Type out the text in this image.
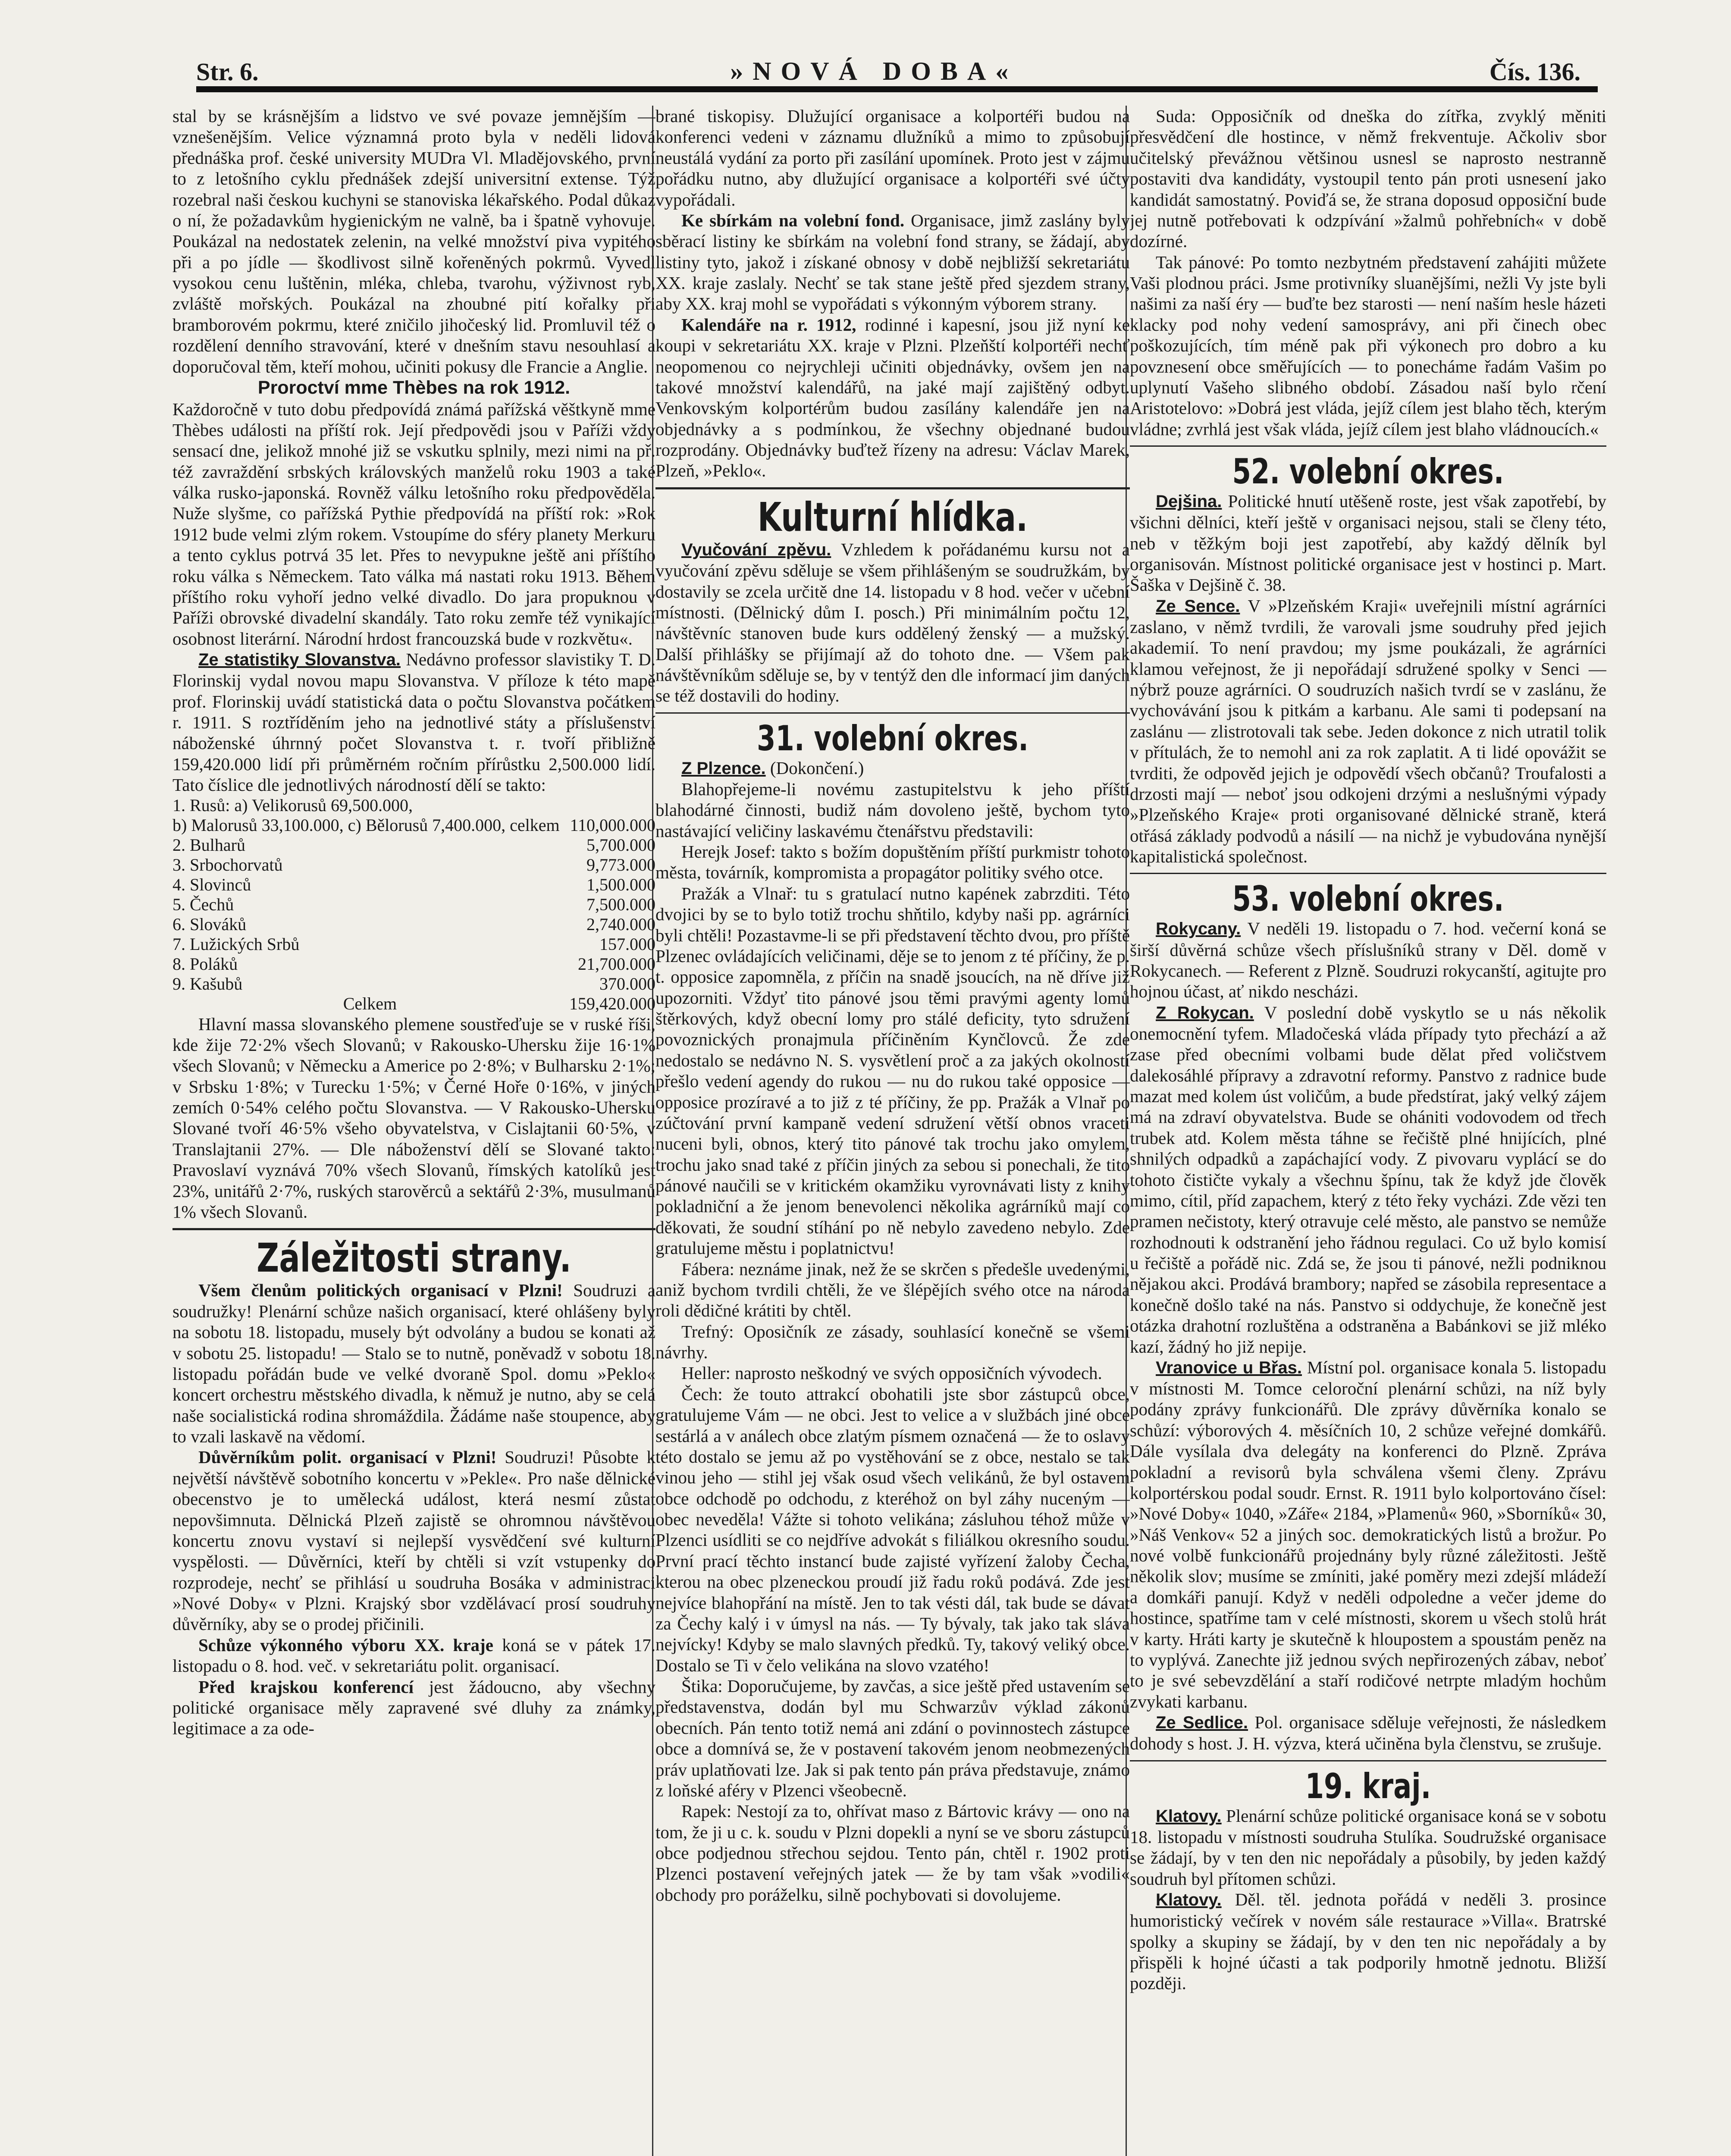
Str. 6.	»NOVÁ DOBA«	Čís. 136.

stal by se krásnějším a lidstvo ve své povaze jemnějším — vznešenějším. Velice významná proto byla v neděli lidová přednáška prof. české university MUDra Vl. Mladějovského, první to z letošního cyklu přednášek zdejší universitní extense. Týž rozebral naši českou kuchyni se stanoviska lékařského. Podal důkaz o ní, že požadavkům hygienickým ne valně, ba i špatně vyhovuje. Poukázal na nedostatek zelenin, na velké množství piva vypitého při a po jídle — škodlivost silně kořeněných pokrmů. Vyvedl vysokou cenu luštěnin, mléka, chleba, tvarohu, výživnost ryb, zvláště mořských. Poukázal na zhoubné pití kořalky při bramborovém pokrmu, které zničilo jihočeský lid. Promluvil též o rozdělení denního stravování, které v dnešním stavu nesouhlasí a doporučoval těm, kteří mohou, učiniti pokusy dle Francie a Anglie.

Proroctví mme Thèbes na rok 1912.

Každoročně v tuto dobu předpovídá známá pařížská věštkyně mme Thèbes události na příští rok. Její předpovědi jsou v Paříži vždy sensací dne, jelikož mnohé již se vskutku splnily, mezi nimi na př. též zavraždění srbských královských manželů roku 1903 a také válka rusko-japonská. Rovněž válku letošního roku předpověděla. Nuže slyšme, co pařížská Pythie předpovídá na příští rok: »Rok 1912 bude velmi zlým rokem. Vstoupíme do sféry planety Merkuru a tento cyklus potrvá 35 let. Přes to nevypukne ještě ani příštího roku válka s Německem. Tato válka má nastati roku 1913. Během příštího roku vyhoří jedno velké divadlo. Do jara propuknou v Paříži obrovské divadelní skandály. Tato roku zemře též vynikající osobnost literární. Národní hrdost francouzská bude v rozkvětu«.

Ze statistiky Slovanstva. Nedávno professor slavistiky T. D. Florinskij vydal novou mapu Slovanstva. V příloze k této mapě prof. Florinskij uvádí statistická data o počtu Slovanstva počátkem r. 1911. S roztříděním jeho na jednotlivé státy a příslušenství náboženské úhrnný počet Slovanstva t. r. tvoří přibližně 159,420.000 lidí při průměrném ročním přírůstku 2,500.000 lidí. Tato číslice dle jednotlivých národností dělí se takto:

1. Rusů: a) Velikorusů 69,500.000,	
b) Malorusů 33,100.000, c) Bělorusů 7,400.000, celkem	110,000.000
2. Bulharů	5,700.000
3. Srbochorvatů	9,773.000
4. Slovinců	1,500.000
5. Čechů	7,500.000
6. Slováků	2,740.000
7. Lužických Srbů	157.000
8. Poláků	21,700.000
9. Kašubů	370.000
Celkem	159,420.000

Hlavní massa slovanského plemene soustřeďuje se v ruské říši, kde žije 72·2% všech Slovanů; v Rakousko-Uhersku žije 16·1% všech Slovanů; v Německu a Americe po 2·8%; v Bulharsku 2·1%; v Srbsku 1·8%; v Turecku 1·5%; v Černé Hoře 0·16%, v jiných zemích 0·54% celého počtu Slovanstva. — V Rakousko-Uhersku Slované tvoří 46·5% všeho obyvatelstva, v Cislajtanii 60·5%, v Translajtanii 27%. — Dle náboženství dělí se Slované takto: Pravoslaví vyznává 70% všech Slovanů, římských katolíků jest 23%, unitářů 2·7%, ruských starověrců a sektářů 2·3%, musulmanů 1% všech Slovanů.

Záležitosti strany.

Všem členům politických organisací v Plzni! Soudruzi a soudružky! Plenární schůze našich organisací, které ohlášeny byly na sobotu 18. listopadu, musely být odvolány a budou se konati až v sobotu 25. listopadu! — Stalo se to nutně, poněvadž v sobotu 18. listopadu pořádán bude ve velké dvoraně Spol. domu »Peklo« koncert orchestru městského divadla, k němuž je nutno, aby se celá naše socialistická rodina shromáždila. Žádáme naše stoupence, aby to vzali laskavě na vědomí.

Důvěrníkům polit. organisací v Plzni! Soudruzi! Působte k největší návštěvě sobotního koncertu v »Pekle«. Pro naše dělnické obecenstvo je to umělecká událost, která nesmí zůstat nepovšimnuta. Dělnická Plzeň zajistě se ohromnou návštěvou koncertu znovu vystaví si nejlepší vysvědčení své kulturní vyspělosti. — Důvěrníci, kteří by chtěli si vzít vstupenky do rozprodeje, nechť se přihlásí u soudruha Bosáka v administraci »Nové Doby« v Plzni. Krajský sbor vzdělávací prosí soudruhy důvěrníky, aby se o prodej přičinili.

Schůze výkonného výboru XX. kraje koná se v pátek 17. listopadu o 8. hod. več. v sekretariátu polit. organisací.

Před krajskou konferencí jest žádoucno, aby všechny politické organisace měly zapravené své dluhy za známky, legitimace a za ode-

brané tiskopisy. Dlužující organisace a kolportéři budou na konferenci vedeni v záznamu dlužníků a mimo to způsobují neustálá vydání za porto při zasílání upomínek. Proto jest v zájmu pořádku nutno, aby dlužující organisace a kolportéři své účty vypořádali.

Ke sbírkám na volební fond. Organisace, jimž zaslány byly sběrací listiny ke sbírkám na volební fond strany, se žádají, aby listiny tyto, jakož i získané obnosy v době nejbližší sekretariátu XX. kraje zaslaly. Nechť se tak stane ještě před sjezdem strany, aby XX. kraj mohl se vypořádati s výkonným výborem strany.

Kalendáře na r. 1912, rodinné i kapesní, jsou již nyní ke koupi v sekretariátu XX. kraje v Plzni. Plzeňští kolportéři nechť neopomenou co nejrychleji učiniti objednávky, ovšem jen na takové množství kalendářů, na jaké mají zajištěný odbyt. Venkovským kolportérům budou zasílány kalendáře jen na objednávky a s podmínkou, že všechny objednané budou rozprodány. Objednávky buďtež řízeny na adresu: Václav Marek, Plzeň, »Peklo«.

Kulturní hlídka.

Vyučování zpěvu. Vzhledem k pořádanému kursu not a vyučování zpěvu sděluje se všem přihlášeným se soudružkám, by dostavily se zcela určitě dne 14. listopadu v 8 hod. večer v učební místnosti. (Dělnický dům I. posch.) Při minimálním počtu 12, návštěvníc stanoven bude kurs oddělený ženský — a mužský. Další přihlášky se přijímají až do tohoto dne. — Všem pak návštěvníkům sděluje se, by v tentýž den dle informací jim daných se též dostavili do hodiny.

31. volební okres.

Z Plzence. (Dokončení.)

Blahopřejeme-li novému zastupitelstvu k jeho příští blahodárné činnosti, budiž nám dovoleno ještě, bychom tyto nastávající veličiny laskavému čtenářstvu představili:

Herejk Josef: takto s božím dopuštěním příští purkmistr tohoto města, továrník, kompromista a propagátor politiky svého otce.

Pražák a Vlnař: tu s gratulací nutno kapének zabrzditi. Této dvojici by se to bylo totiž trochu shňtilo, kdyby naši pp. agrárníci byli chtěli! Pozastavme-li se při představení těchto dvou, pro příště Plzenec ovládajících veličinami, děje se to jenom z té příčiny, že p. t. opposice zapomněla, z příčin na snadě jsoucích, na ně dříve již upozorniti. Vždyť tito pánové jsou těmi pravými agenty lomů štěrkových, když obecní lomy pro stálé deficity, tyto sdružení povoznických pronajmula příčiněním Kynčlovců. Že zde nedostalo se nedávno N. S. vysvětlení proč a za jakých okolností přešlo vedení agendy do rukou — nu do rukou také opposice — opposice prozíravé a to již z té příčiny, že pp. Pražák a Vlnař po zúčtování první kampaně vedení sdružení větší obnos vraceti nuceni byli, obnos, který tito pánové tak trochu jako omylem, trochu jako snad také z příčin jiných za sebou si ponechali, že tito pánové naučili se v kritickém okamžiku vyrovnávati listy z knihy pokladniční a že jenom benevolenci několika agrárníků mají co děkovati, že soudní stíhání po ně nebylo zavedeno nebylo. Zde gratulujeme městu i poplatnictvu!

Fábera: neznáme jinak, než že se skrčen s předešle uvedenými, aniž bychom tvrdili chtěli, že ve šlépějích svého otce na národa roli dědičné krátiti by chtěl.

Trefný: Oposičník ze zásady, souhlasící konečně se všemi návrhy.

Heller: naprosto neškodný ve svých opposičních vývodech.

Čech: že touto attrakcí obohatili jste sbor zástupců obce, gratulujeme Vám — ne obci. Jest to velice a v službách jiné obce sestárlá a v análech obce zlatým písmem označená — že to oslavy této dostalo se jemu až po vystěhování se z obce, nestalo se tak vinou jeho — stihl jej však osud všech velikánů, že byl ostavem obce odchodě po odchodu, z kteréhož on byl záhy nuceným — obec neveděla! Vážte si tohoto velikána; zásluhou téhož může v Plzenci usídliti se co nejdříve advokát s filiálkou okresního soudu. První prací těchto instancí bude zajisté vyřízení žaloby Čecha, kterou na obec plzeneckou proudí již řadu roků podává. Zde jest nejvíce blahopřání na místě. Jen to tak vésti dál, tak bude se dávat za Čechy kalý i v úmysl na nás. — Ty bývaly, tak jako tak sláva nejvícky! Kdyby se malo slavných předků. Ty, takový veliký obce. Dostalo se Ti v čelo velikána na slovo vzatého!

Štika: Doporučujeme, by zavčas, a sice ještě před ustavením se představenstva, dodán byl mu Schwarzův výklad zákonů obecních. Pán tento totiž nemá ani zdání o povinnostech zástupce obce a domnívá se, že v postavení takovém jenom neobmezených práv uplatňovati lze. Jak si pak tento pán práva představuje, známo z loňské aféry v Plzenci všeobecně.

Rapek: Nestojí za to, ohřívat maso z Bártovic krávy — ono na tom, že ji u c. k. soudu v Plzni dopekli a nyní se ve sboru zástupců obce podjednou střechou sejdou. Tento pán, chtěl r. 1902 proti Plzenci postavení veřejných jatek — že by tam však »vodili« obchody pro poráželku, silně pochybovati si dovolujeme.

Suda: Opposičník od dneška do zítřka, zvyklý měniti přesvědčení dle hostince, v němž frekventuje. Ačkoliv sbor učitelský převážnou většinou usnesl se naprosto nestranně postaviti dva kandidáty, vystoupil tento pán proti usnesení jako kandidát samostatný. Poviďá se, že strana doposud opposiční bude jej nutně potřebovati k odzpívání »žalmů pohřebních« v době dozírné.

Tak pánové: Po tomto nezbytném představení zahájiti můžete Vaši plodnou práci. Jsme protivníky sluanějšími, nežli Vy jste byli našimi za naší éry — buďte bez starosti — není naším hesle házeti klacky pod nohy vedení samosprávy, ani při činech obec poškozujících, tím méně pak při výkonech pro dobro a ku povznesení obce směřujících — to ponecháme řadám Vašim po uplynutí Vašeho slibného období. Zásadou naší bylo rčení Aristotelovo: »Dobrá jest vláda, jejíž cílem jest blaho těch, kterým vládne; zvrhlá jest však vláda, jejíž cílem jest blaho vládnoucích.«

52. volební okres.

Dejšina. Politické hnutí utěšeně roste, jest však zapotřebí, by všichni dělníci, kteří ještě v organisaci nejsou, stali se členy této, neb v těžkým boji jest zapotřebí, aby každý dělník byl organisován. Místnost politické organisace jest v hostinci p. Mart. Šaška v Dejšině č. 38.

Ze Sence. V »Plzeňském Kraji« uveřejnili místní agrárníci zaslano, v němž tvrdili, že varovali jsme soudruhy před jejich akademií. To není pravdou; my jsme poukázali, že agrárníci klamou veřejnost, že ji nepořádají sdružené spolky v Senci — nýbrž pouze agrárníci. O soudruzích našich tvrdí se v zaslánu, že vychovávání jsou k pitkám a karbanu. Ale sami ti podepsaní na zaslánu — zlistrotovali tak sebe. Jeden dokonce z nich utratil tolik v přítulách, že to nemohl ani za rok zaplatit. A ti lidé opovážit se tvrditi, že odpověd jejich je odpovědí všech občanů? Troufalosti a drzosti mají — neboť jsou odkojeni drzými a neslušnými výpady »Plzeňského Kraje« proti organisované dělnické straně, která otřásá základy podvodů a násilí — na nichž je vybudována nynější kapitalistická společnost.

53. volební okres.

Rokycany. V neděli 19. listopadu o 7. hod. večerní koná se širší důvěrná schůze všech příslušníků strany v Děl. domě v Rokycanech. — Referent z Plzně. Soudruzi rokycanští, agitujte pro hojnou účast, ať nikdo nescházi.

Z Rokycan. V poslední době vyskytlo se u nás několik onemocnění tyfem. Mladočeská vláda případy tyto přechází a až zase před obecními volbami bude dělat před voličstvem dalekosáhlé přípravy a zdravotní reformy. Panstvo z radnice bude mazat med kolem úst voličům, a bude předstírat, jaký velký zájem má na zdraví obyvatelstva. Bude se ohániti vodovodem od třech trubek atd. Kolem města táhne se řečiště plné hnijících, plné shnilých odpadků a zapáchající vody. Z pivovaru vyplácí se do tohoto čističte vykaly a všechnu špínu, tak že když jde člověk mimo, cítil, příd zapachem, který z této řeky vycházi. Zde vězi ten pramen nečistoty, který otravuje celé město, ale panstvo se nemůže rozhodnouti k odstranění jeho řádnou regulaci. Co už bylo komisí u řečiště a pořádě nic. Zdá se, že jsou ti pánové, nežli podniknou nějakou akci. Prodává brambory; napřed se zásobila representace a konečně došlo také na nás. Panstvo si oddychuje, že konečně jest otázka drahotní rozluštěna a odstraněna a Babánkovi se již mléko kazí, žádný ho již nepije.

Vranovice u Břas. Místní pol. organisace konala 5. listopadu v místnosti M. Tomce celoroční plenární schůzi, na níž byly podány zprávy funkcionářů. Dle zprávy důvěrníka konalo se schůzí: výborových 4. měsíčních 10, 2 schůze veřejné domkářů. Dále vysílala dva delegáty na konferenci do Plzně. Zpráva pokladní a revisorů byla schválena všemi členy. Zprávu kolportérskou podal soudr. Ernst. R. 1911 bylo kolportováno čísel: »Nové Doby« 1040, »Záře« 2184, »Plamenů« 960, »Sborníků« 30, »Náš Venkov« 52 a jiných soc. demokratických listů a brožur. Po nové volbě funkcionářů projednány byly různé záležitosti. Ještě několik slov; musíme se zmíniti, jaké poměry mezi zdejší mládeží a domkáři panují. Když v neděli odpoledne a večer jdeme do hostince, spatříme tam v celé místnosti, skorem u všech stolů hrát v karty. Hráti karty je skutečně k hloupostem a spoustám peněz na to vyplývá. Zanechte již jednou svých nepřirozených zábav, neboť to je své sebevzdělání a staří rodičové netrpte mladým hochům zvykati karbanu.

Ze Sedlice. Pol. organisace sděluje veřejnosti, že následkem dohody s host. J. H. výzva, která učiněna byla členstvu, se zrušuje.

19. kraj.

Klatovy. Plenární schůze politické organisace koná se v sobotu 18. listopadu v místnosti soudruha Stulíka. Soudružské organisace se žádají, by v ten den nic nepořádaly a působily, by jeden každý soudruh byl přítomen schůzi.

Klatovy. Děl. těl. jednota pořádá v neděli 3. prosince humoristický večírek v novém sále restaurace »Villa«. Bratrské spolky a skupiny se žádají, by v den ten nic nepořádaly a by přispěli k hojné účasti a tak podporily hmotně jednotu. Bližší později.
